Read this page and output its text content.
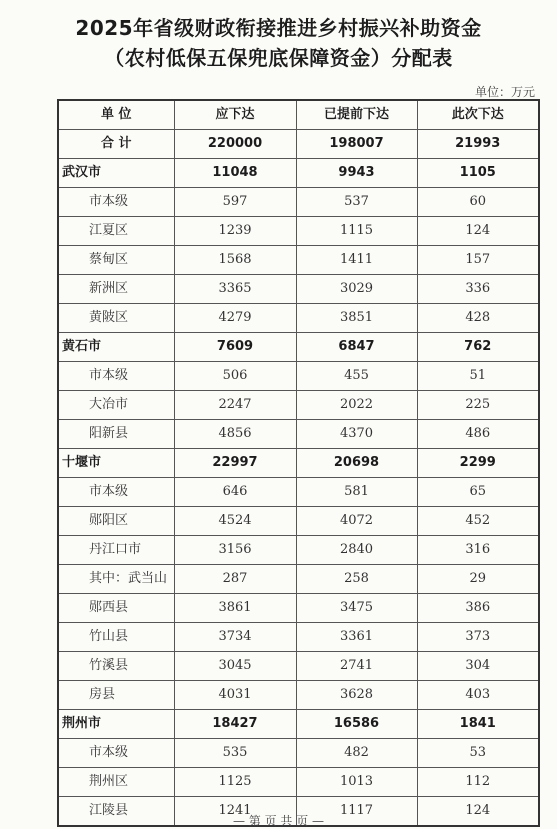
2025年省级财政衔接推进乡村振兴补助资金
（农村低保五保兜底保障资金）分配表
单位：万元
单 位	应下达	已提前下达	此次下达
合 计	220000	198007	21993
武汉市	11048	9943	1105
市本级	597	537	60
江夏区	1239	1115	124
蔡甸区	1568	1411	157
新洲区	3365	3029	336
黄陂区	4279	3851	428
黄石市	7609	6847	762
市本级	506	455	51
大冶市	2247	2022	225
阳新县	4856	4370	486
十堰市	22997	20698	2299
市本级	646	581	65
郧阳区	4524	4072	452
丹江口市	3156	2840	316
其中：武当山	287	258	29
郧西县	3861	3475	386
竹山县	3734	3361	373
竹溪县	3045	2741	304
房县	4031	3628	403
荆州市	18427	16586	1841
市本级	535	482	53
荆州区	1125	1013	112
江陵县	1241	1117	124
— 第 页 共 页 —
